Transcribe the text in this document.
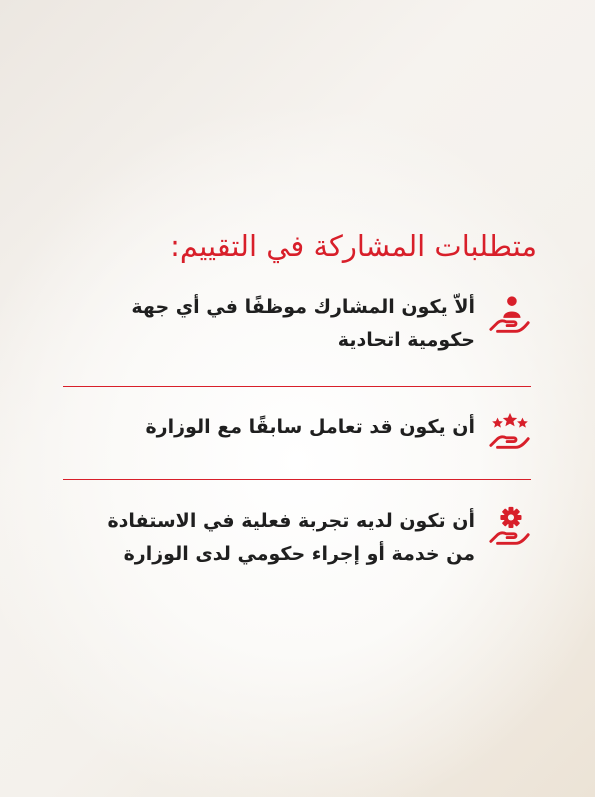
متطلبات المشاركة في التقييم:
ألاّ يكون المشارك موظفًا في أي جهة
حكومية اتحادية
أن يكون قد تعامل سابقًا مع الوزارة
أن تكون لديه تجربة فعلية في الاستفادة
من خدمة أو إجراء حكومي لدى الوزارة
